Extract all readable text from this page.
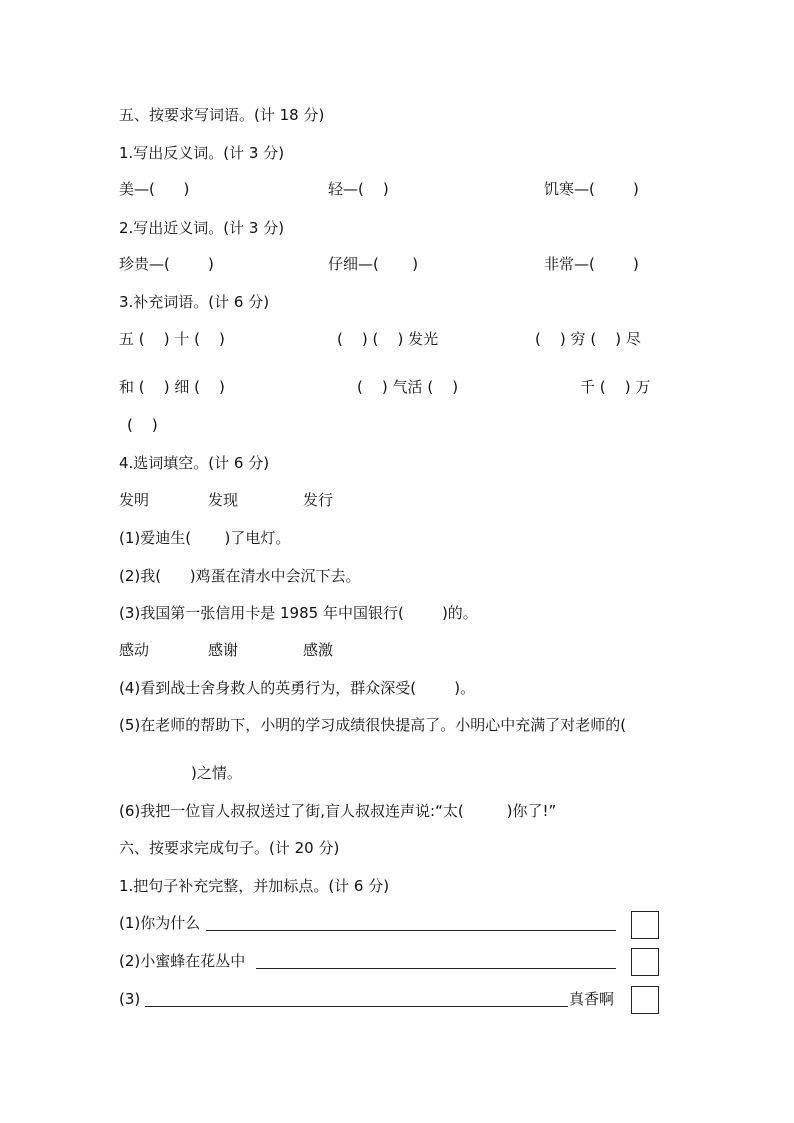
五、按要求写词语。(计 18 分)
1.写出反义词。(计 3 分)
美—(      )	轻—(    )	饥寒—(        )
2.写出近义词。(计 3 分)
珍贵—(        )	仔细—(       )	非常—(        )
3.补充词语。(计 6 分)
五 (    ) 十 (    )	(    ) (    ) 发光	(    ) 穷 (    ) 尽
和 (    ) 细 (    )	(    ) 气活 (    )	千 (    ) 万
(    )
4.选词填空。(计 6 分)
发明	发现	发行
(1)爱迪生(       )了电灯。
(2)我(      )鸡蛋在清水中会沉下去。
(3)我国第一张信用卡是 1985 年中国银行(        )的。
感动	感谢	感激
(4)看到战士舍身救人的英勇行为，群众深受(        )。
(5)在老师的帮助下，小明的学习成绩很快提高了。小明心中充满了对老师的(
)之情。
(6)我把一位盲人叔叔送过了街,盲人叔叔连声说:“太(         )你了!”
六、按要求完成句子。(计 20 分)
1.把句子补充完整，并加标点。(计 6 分)
(1)你为什么
(2)小蜜蜂在花丛中
(3)	真香啊
